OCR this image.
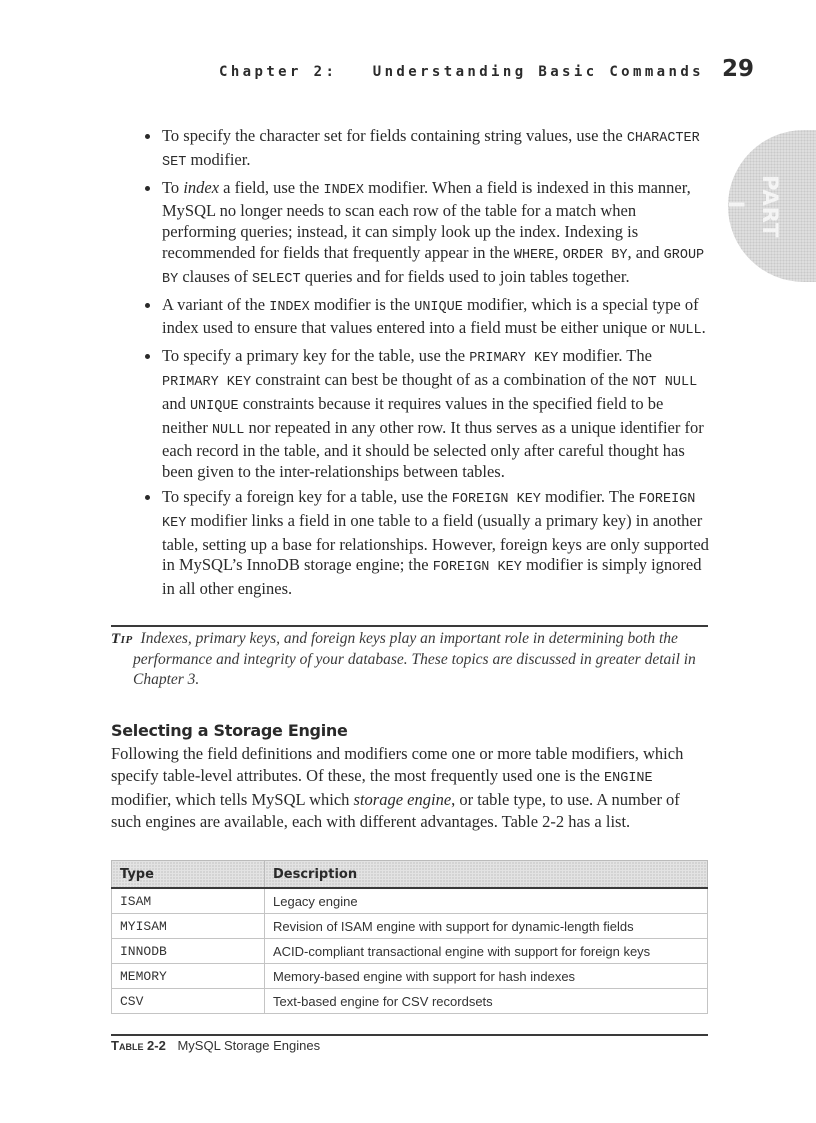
Chapter 2:   Understanding Basic Commands 29
PART I
To specify the character set for fields containing string values, use the CHARACTER SET modifier.
To index a field, use the INDEX modifier. When a field is indexed in this manner, MySQL no longer needs to scan each row of the table for a match when performing queries; instead, it can simply look up the index. Indexing is recommended for fields that frequently appear in the WHERE, ORDER BY, and GROUP BY clauses of SELECT queries and for fields used to join tables together.
A variant of the INDEX modifier is the UNIQUE modifier, which is a special type of index used to ensure that values entered into a field must be either unique or NULL.
To specify a primary key for the table, use the PRIMARY KEY modifier. The PRIMARY KEY constraint can best be thought of as a combination of the NOT NULL and UNIQUE constraints because it requires values in the specified field to be neither NULL nor repeated in any other row. It thus serves as a unique identifier for each record in the table, and it should be selected only after careful thought has been given to the inter-relationships between tables.
To specify a foreign key for a table, use the FOREIGN KEY modifier. The FOREIGN KEY modifier links a field in one table to a field (usually a primary key) in another table, setting up a base for relationships. However, foreign keys are only supported in MySQL’s InnoDB storage engine; the FOREIGN KEY modifier is simply ignored in all other engines.
Tip Indexes, primary keys, and foreign keys play an important role in determining both the performance and integrity of your database. These topics are discussed in greater detail in Chapter 3.
Selecting a Storage Engine

Following the field definitions and modifiers come one or more table modifiers, which specify table-level attributes. Of these, the most frequently used one is the ENGINE modifier, which tells MySQL which storage engine, or table type, to use. A number of such engines are available, each with different advantages. Table 2-2 has a list.

Type	Description
ISAM	Legacy engine
MYISAM	Revision of ISAM engine with support for dynamic-length fields
INNODB	ACID-compliant transactional engine with support for foreign keys
MEMORY	Memory-based engine with support for hash indexes
CSV	Text-based engine for CSV recordsets
Table 2-2 MySQL Storage Engines
